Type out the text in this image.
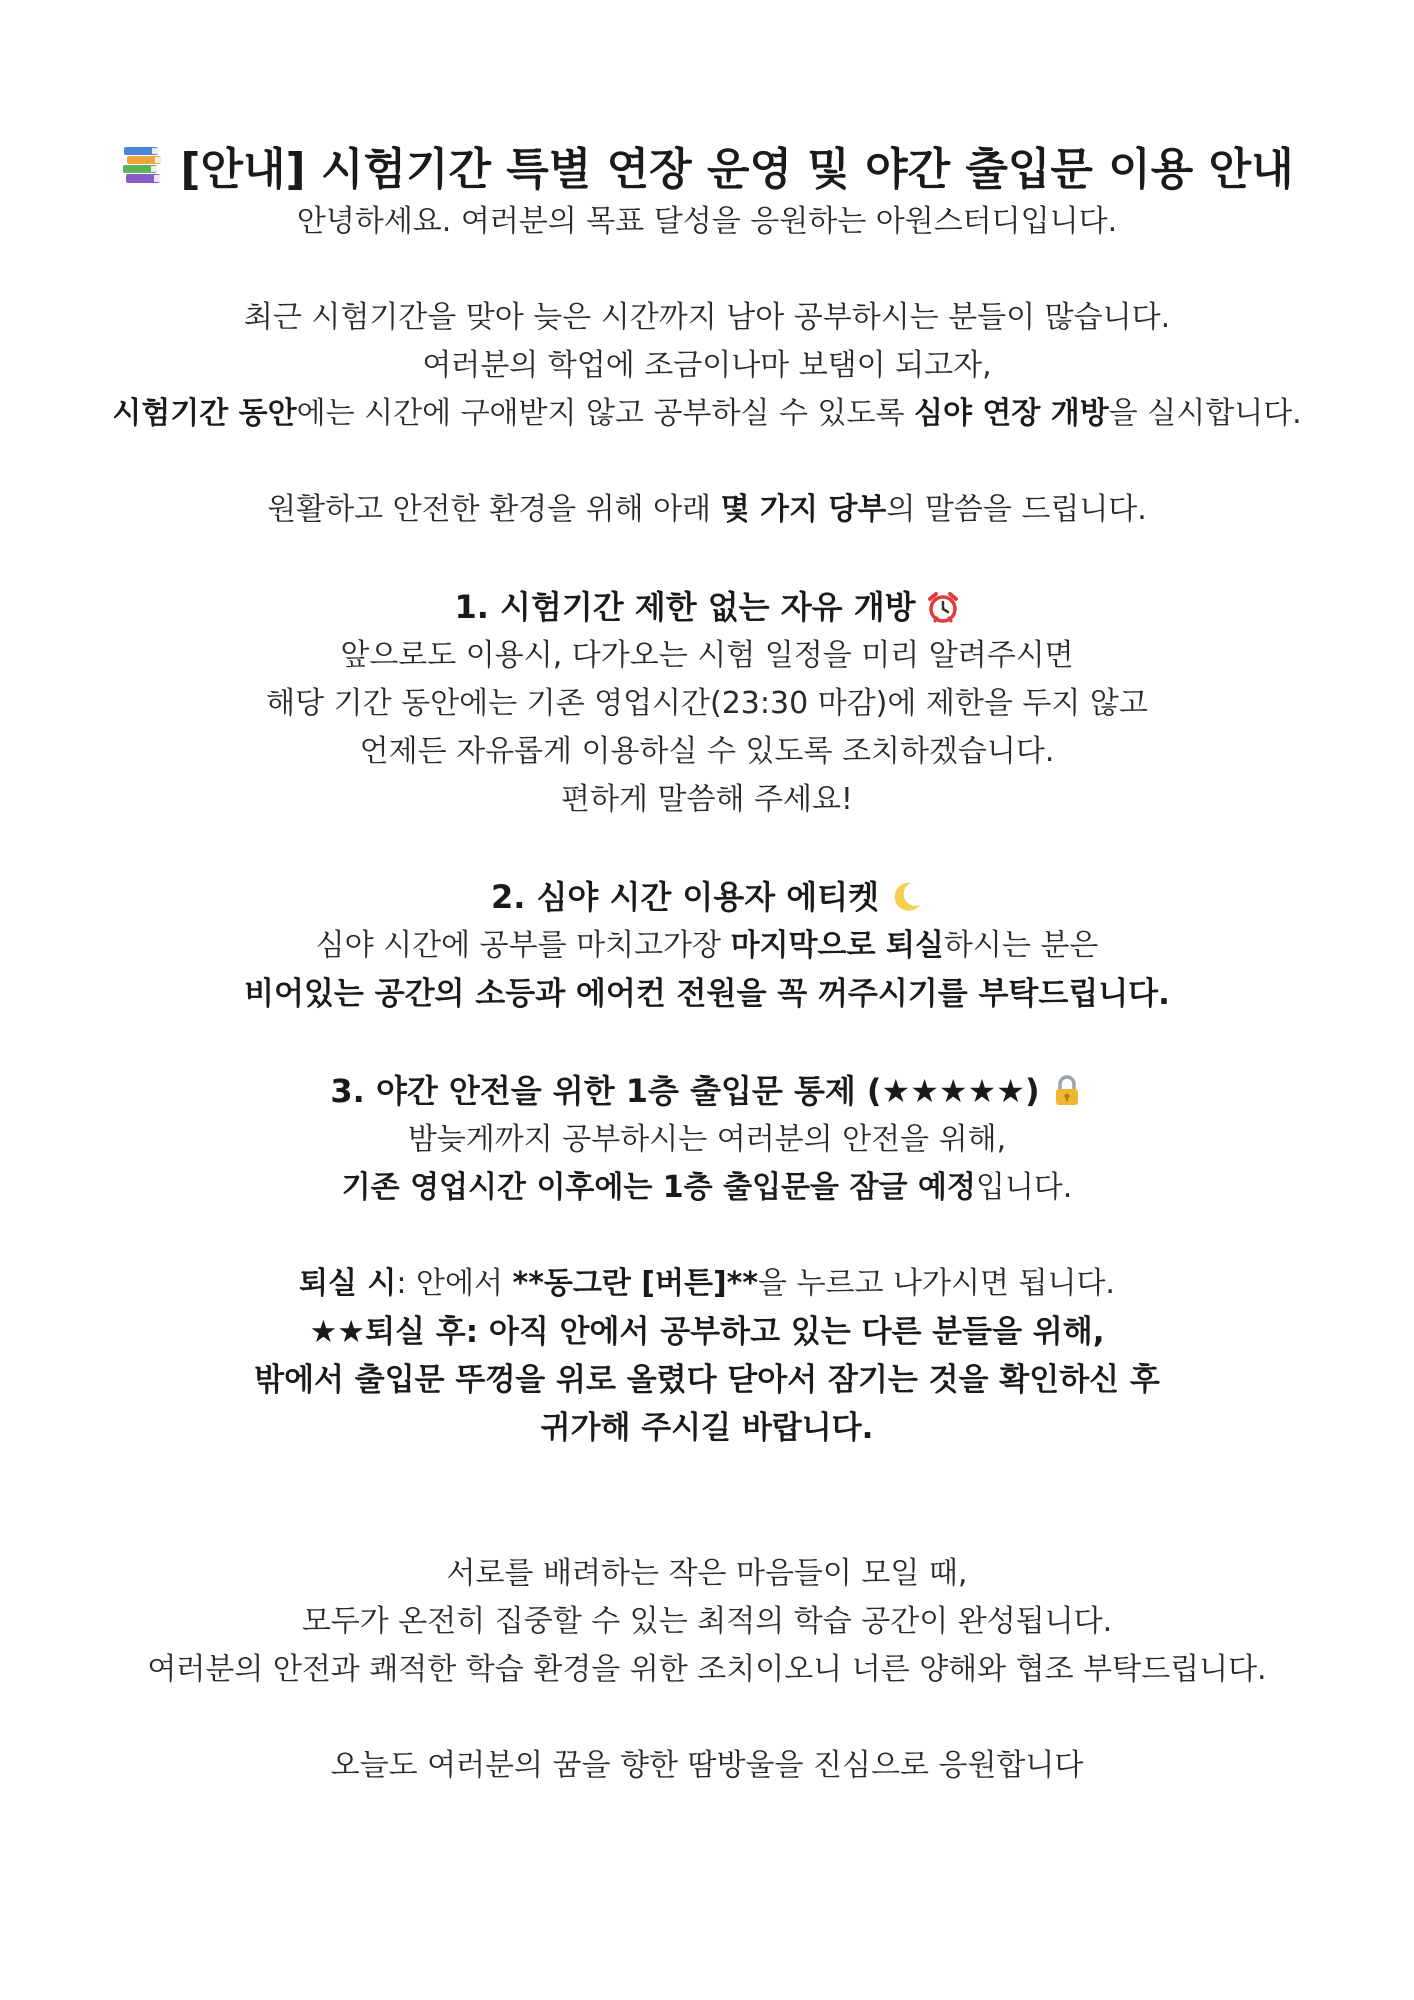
[안내] 시험기간 특별 연장 운영 및 야간 출입문 이용 안내
안녕하세요. 여러분의 목표 달성을 응원하는 아원스터디입니다.
최근 시험기간을 맞아 늦은 시간까지 남아 공부하시는 분들이 많습니다.
여러분의 학업에 조금이나마 보탬이 되고자,
시험기간 동안에는 시간에 구애받지 않고 공부하실 수 있도록 심야 연장 개방을 실시합니다.
원활하고 안전한 환경을 위해 아래 몇 가지 당부의 말씀을 드립니다.
1. 시험기간 제한 없는 자유 개방
앞으로도 이용시, 다가오는 시험 일정을 미리 알려주시면
해당 기간 동안에는 기존 영업시간(23:30 마감)에 제한을 두지 않고
언제든 자유롭게 이용하실 수 있도록 조치하겠습니다.
편하게 말씀해 주세요!
2. 심야 시간 이용자 에티켓
심야 시간에 공부를 마치고가장 마지막으로 퇴실하시는 분은
비어있는 공간의 소등과 에어컨 전원을 꼭 꺼주시기를 부탁드립니다.
3. 야간 안전을 위한 1층 출입문 통제 (★★★★★)
밤늦게까지 공부하시는 여러분의 안전을 위해,
기존 영업시간 이후에는 1층 출입문을 잠글 예정입니다.
퇴실 시: 안에서 **동그란 [버튼]**을 누르고 나가시면 됩니다.
★★퇴실 후: 아직 안에서 공부하고 있는 다른 분들을 위해,
밖에서 출입문 뚜껑을 위로 올렸다 닫아서 잠기는 것을 확인하신 후
귀가해 주시길 바랍니다.
서로를 배려하는 작은 마음들이 모일 때,
모두가 온전히 집중할 수 있는 최적의 학습 공간이 완성됩니다.
여러분의 안전과 쾌적한 학습 환경을 위한 조치이오니 너른 양해와 협조 부탁드립니다.
오늘도 여러분의 꿈을 향한 땀방울을 진심으로 응원합니다
